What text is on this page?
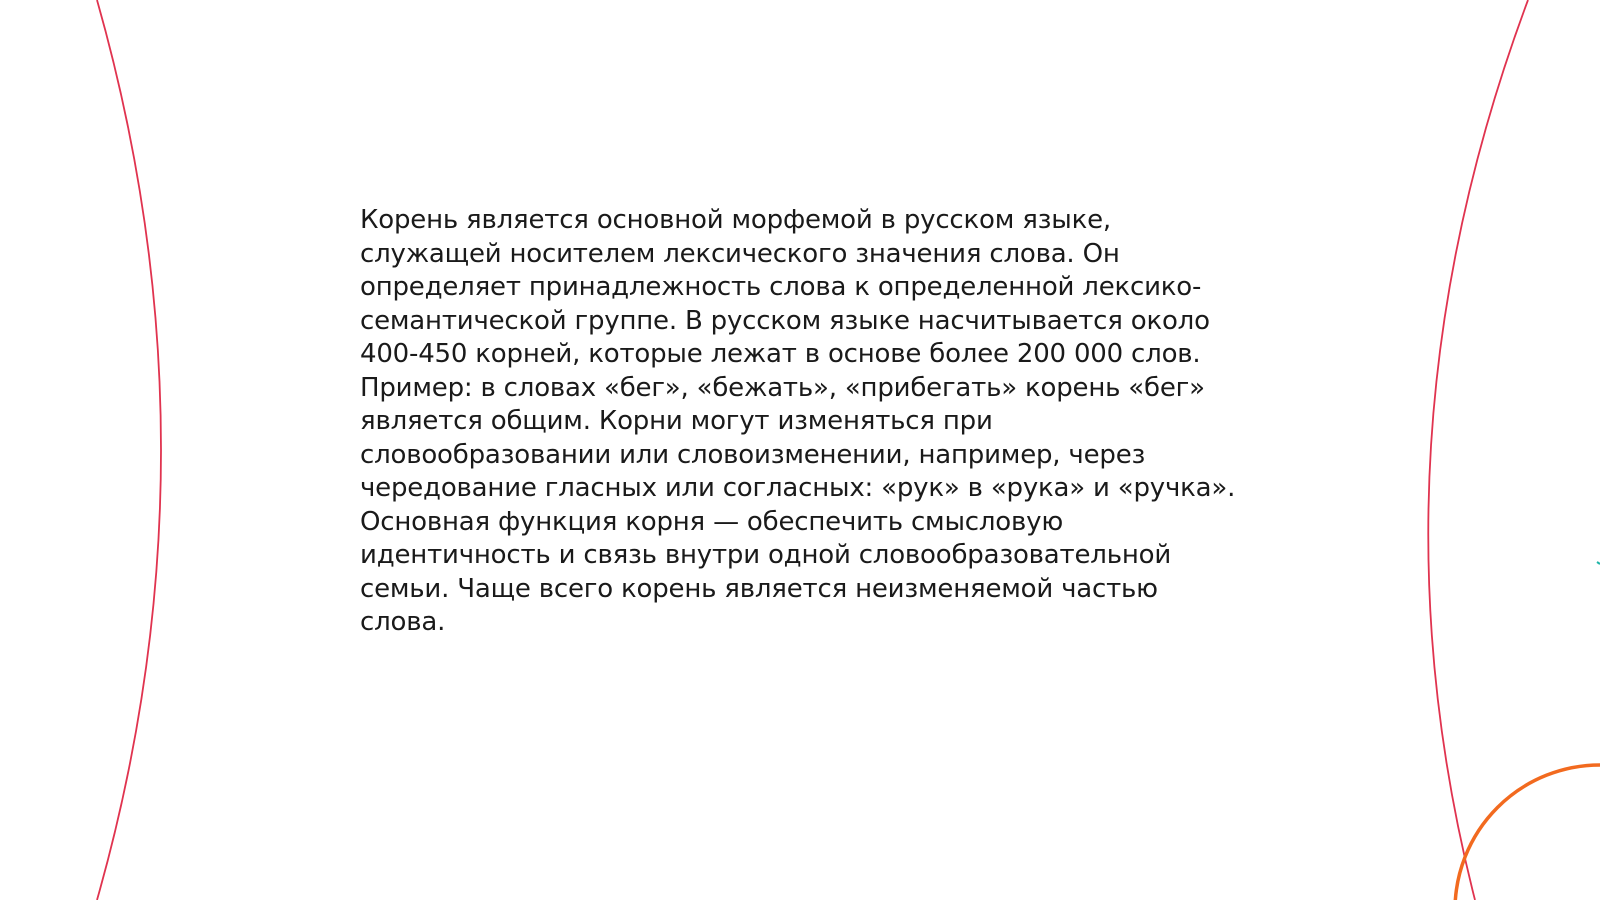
Корень является основной морфемой в русском языке,
служащей носителем лексического значения слова. Он
определяет принадлежность слова к определенной лексико-
семантической группе. В русском языке насчитывается около
400-450 корней, которые лежат в основе более 200 000 слов.
Пример: в словах «бег», «бежать», «прибегать» корень «бег»
является общим. Корни могут изменяться при
словообразовании или словоизменении, например, через
чередование гласных или согласных: «рук» в «рука» и «ручка».
Основная функция корня — обеспечить смысловую
идентичность и связь внутри одной словообразовательной
семьи. Чаще всего корень является неизменяемой частью
слова.
